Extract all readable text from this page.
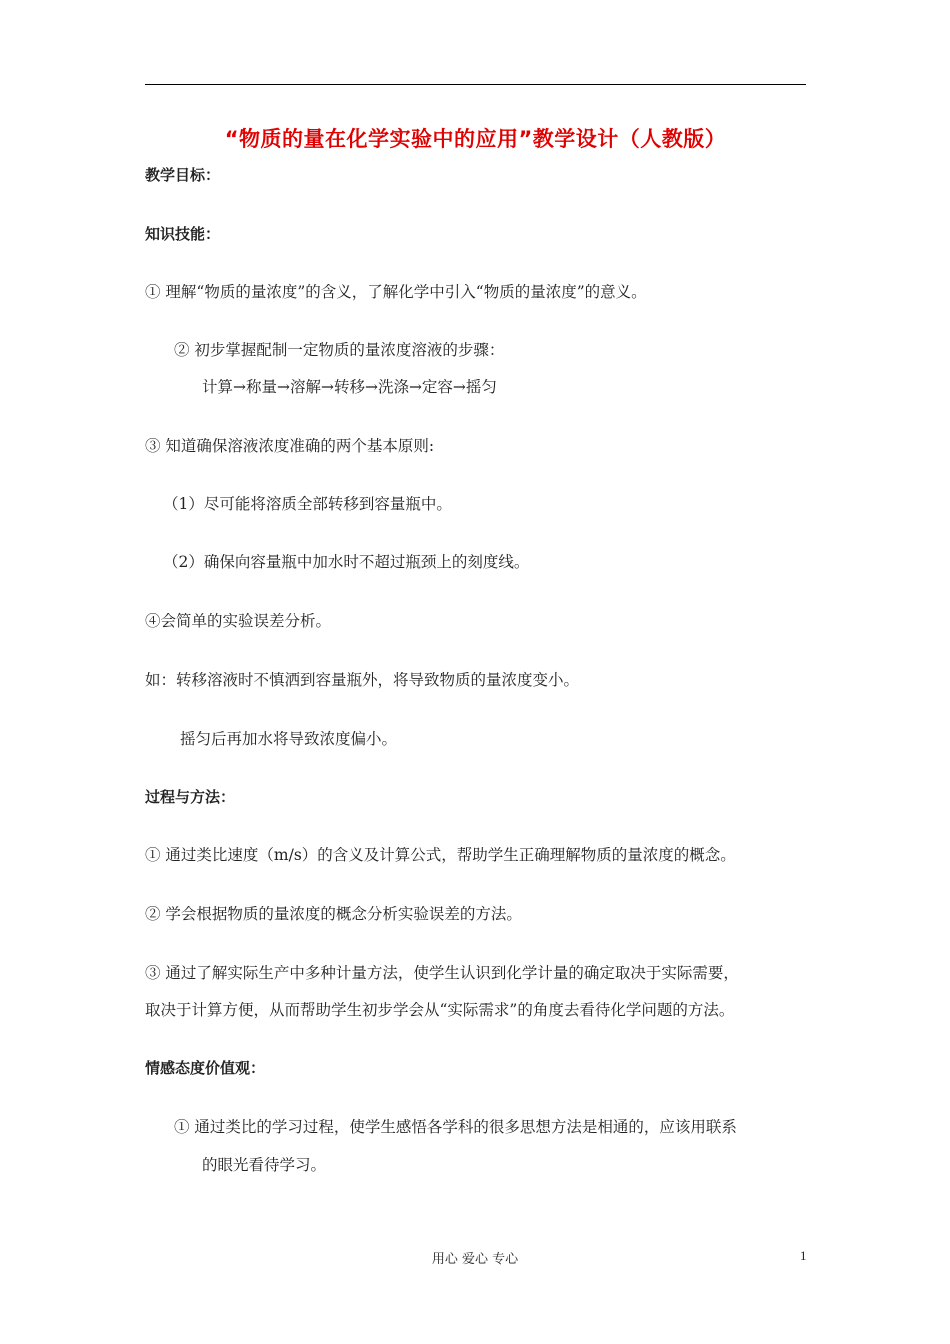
“物质的量在化学实验中的应用”教学设计（人教版）
教学目标：
知识技能：
① 理解“物质的量浓度”的含义，了解化学中引入“物质的量浓度”的意义。
② 初步掌握配制一定物质的量浓度溶液的步骤：
计算→称量→溶解→转移→洗涤→定容→摇匀
③ 知道确保溶液浓度准确的两个基本原则:
（1）尽可能将溶质全部转移到容量瓶中。
（2）确保向容量瓶中加水时不超过瓶颈上的刻度线。
④会简单的实验误差分析。
如：转移溶液时不慎洒到容量瓶外，将导致物质的量浓度变小。
摇匀后再加水将导致浓度偏小。
过程与方法：
① 通过类比速度（m/s）的含义及计算公式，帮助学生正确理解物质的量浓度的概念。
② 学会根据物质的量浓度的概念分析实验误差的方法。
③ 通过了解实际生产中多种计量方法，使学生认识到化学计量的确定取决于实际需要，
取决于计算方便，从而帮助学生初步学会从“实际需求”的角度去看待化学问题的方法。
情感态度价值观：
① 通过类比的学习过程，使学生感悟各学科的很多思想方法是相通的，应该用联系
的眼光看待学习。
用心 爱心 专心	1
